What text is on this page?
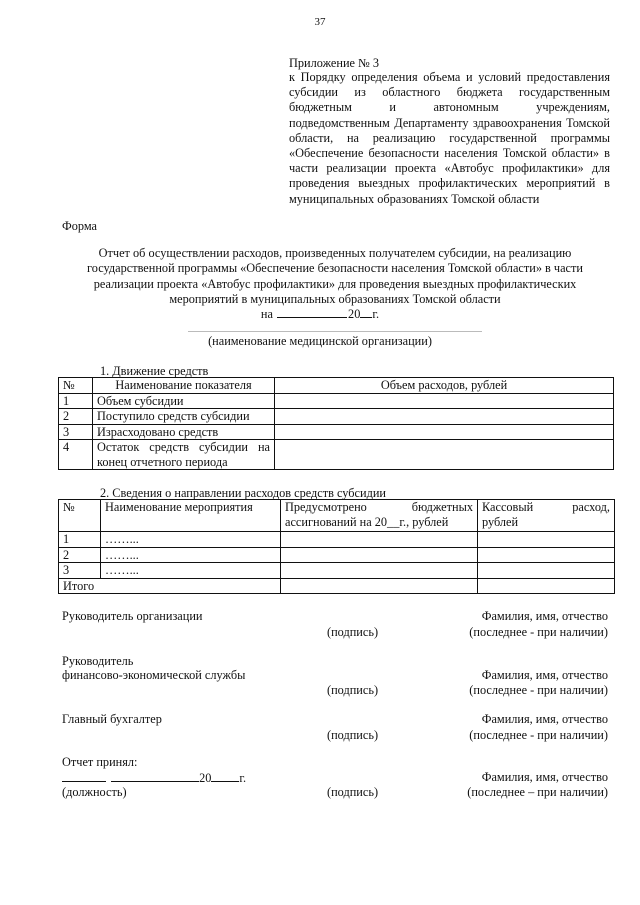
37
Приложение № 3
к Порядку определения объема и условий предоставления субсидии из областного бюджета государственным бюджетным и автономным учреждениям, подведомственным Департаменту здравоохранения Томской области, на реализацию государственной программы «Обеспечение безопасности населения Томской области» в части реализации проекта «Автобус профилактики» для проведения выездных профилактических мероприятий в муниципальных образованиях Томской области
Форма
Отчет об осуществлении расходов, произведенных получателем субсидии, на реализацию государственной программы «Обеспечение безопасности населения Томской области» в части реализации проекта «Автобус профилактики» для проведения выездных профилактических мероприятий в муниципальных образованиях Томской области
на	20 г.
(наименование медицинской организации)
1. Движение средств
№	Наименование показателя	Объем расходов, рублей
1	Объем субсидии	
2	Поступило средств субсидии	
3	Израсходовано средств	
4	Остаток средств субсидии на конец отчетного периода	
2. Сведения о направлении расходов средств субсидии
№	Наименование мероприятия	Предусмотрено бюджетных ассигнований на 20__г., рублей	Кассовый расход, рублей
1	……...		
2	……...		
3	……...		
Итого			
Руководитель организации	Фамилия, имя, отчество
(подпись)	(последнее - при наличии)
Руководитель
финансово-экономической службы	Фамилия, имя, отчество
(подпись)	(последнее - при наличии)
Главный бухгалтер	Фамилия, имя, отчество
(подпись)	(последнее - при наличии)
Отчет принял:
20 г.	Фамилия, имя, отчество
(должность)	(подпись)	(последнее – при наличии)
